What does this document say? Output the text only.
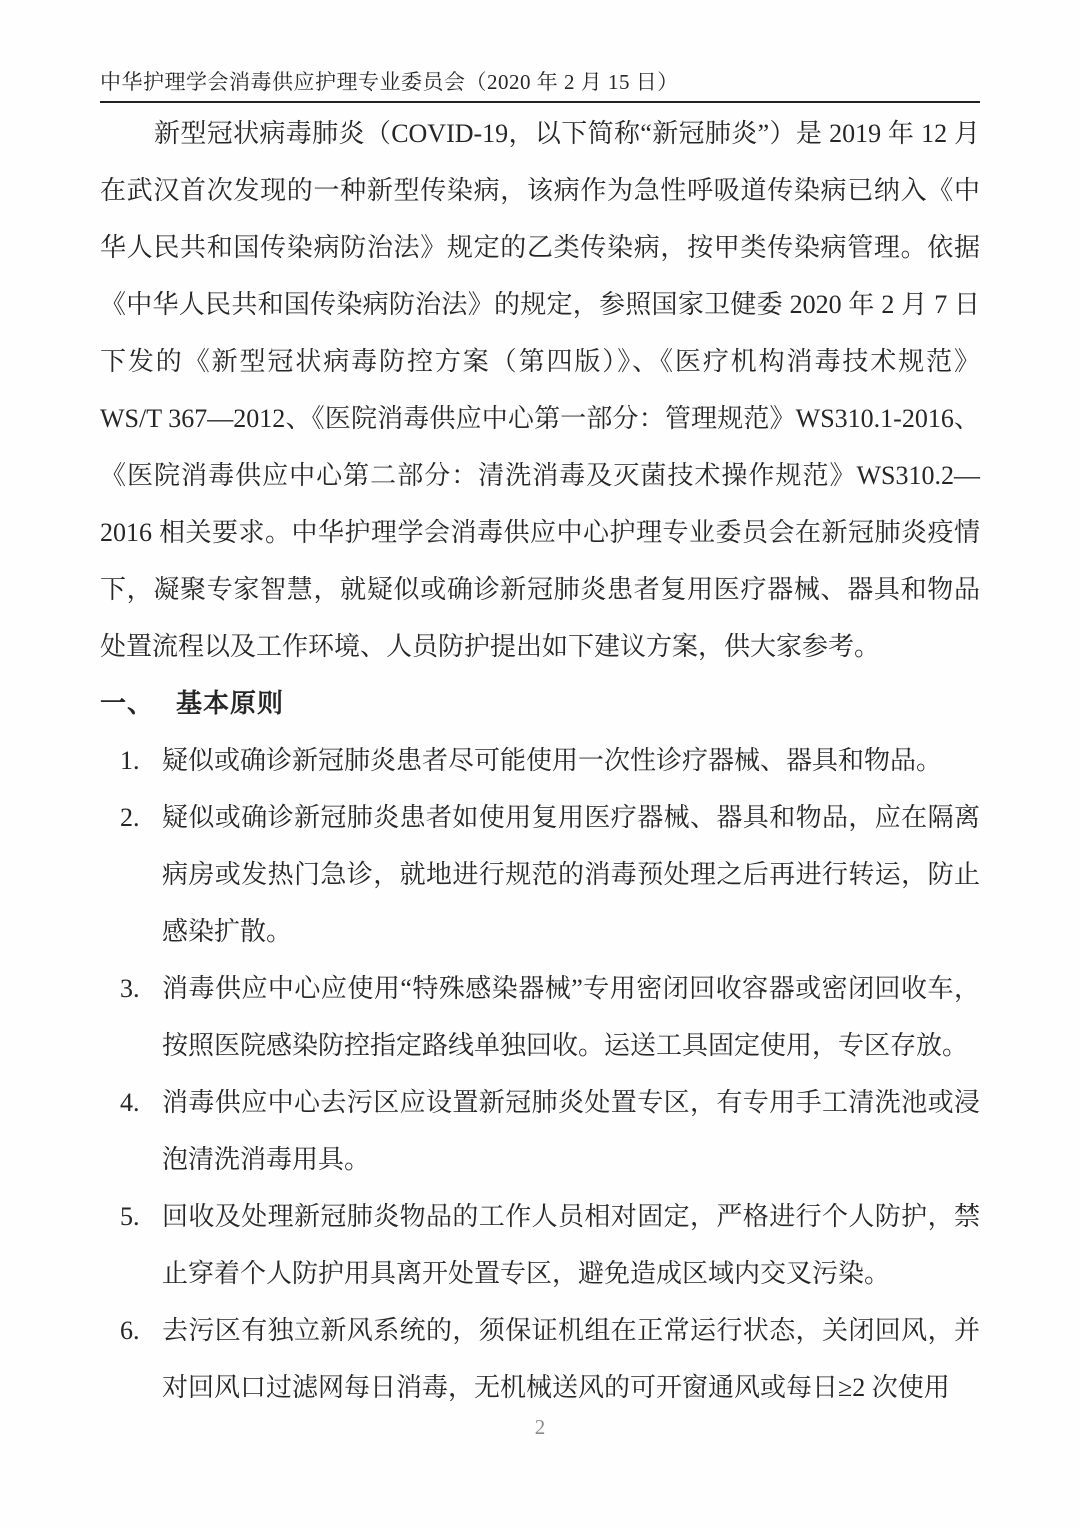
中华护理学会消毒供应护理专业委员会（2020 年 2 月 15 日）

新型冠状病毒肺炎（COVID-19，以下简称“新冠肺炎”）是 2019 年 12 月在武汉首次发现的一种新型传染病，该病作为急性呼吸道传染病已纳入《中华人民共和国传染病防治法》规定的乙类传染病，按甲类传染病管理。依据《中华人民共和国传染病防治法》的规定，参照国家卫健委 2020 年 2 月 7 日下发的《新型冠状病毒防控方案（第四版）》、《医疗机构消毒技术规范》WS/T 367—2012、《医院消毒供应中心第一部分：管理规范》WS310.1-2016、《医院消毒供应中心第二部分：清洗消毒及灭菌技术操作规范》WS310.2—2016 相关要求。中华护理学会消毒供应中心护理专业委员会在新冠肺炎疫情下，凝聚专家智慧，就疑似或确诊新冠肺炎患者复用医疗器械、器具和物品处置流程以及工作环境、人员防护提出如下建议方案，供大家参考。

一、 基本原则
1. 疑似或确诊新冠肺炎患者尽可能使用一次性诊疗器械、器具和物品。
2. 疑似或确诊新冠肺炎患者如使用复用医疗器械、器具和物品，应在隔离病房或发热门急诊，就地进行规范的消毒预处理之后再进行转运，防止感染扩散。
3. 消毒供应中心应使用“特殊感染器械”专用密闭回收容器或密闭回收车，按照医院感染防控指定路线单独回收。运送工具固定使用，专区存放。
4. 消毒供应中心去污区应设置新冠肺炎处置专区，有专用手工清洗池或浸泡清洗消毒用具。
5. 回收及处理新冠肺炎物品的工作人员相对固定，严格进行个人防护，禁止穿着个人防护用具离开处置专区，避免造成区域内交叉污染。
6. 去污区有独立新风系统的，须保证机组在正常运行状态，关闭回风，并对回风口过滤网每日消毒，无机械送风的可开窗通风或每日≥2 次使用
2
